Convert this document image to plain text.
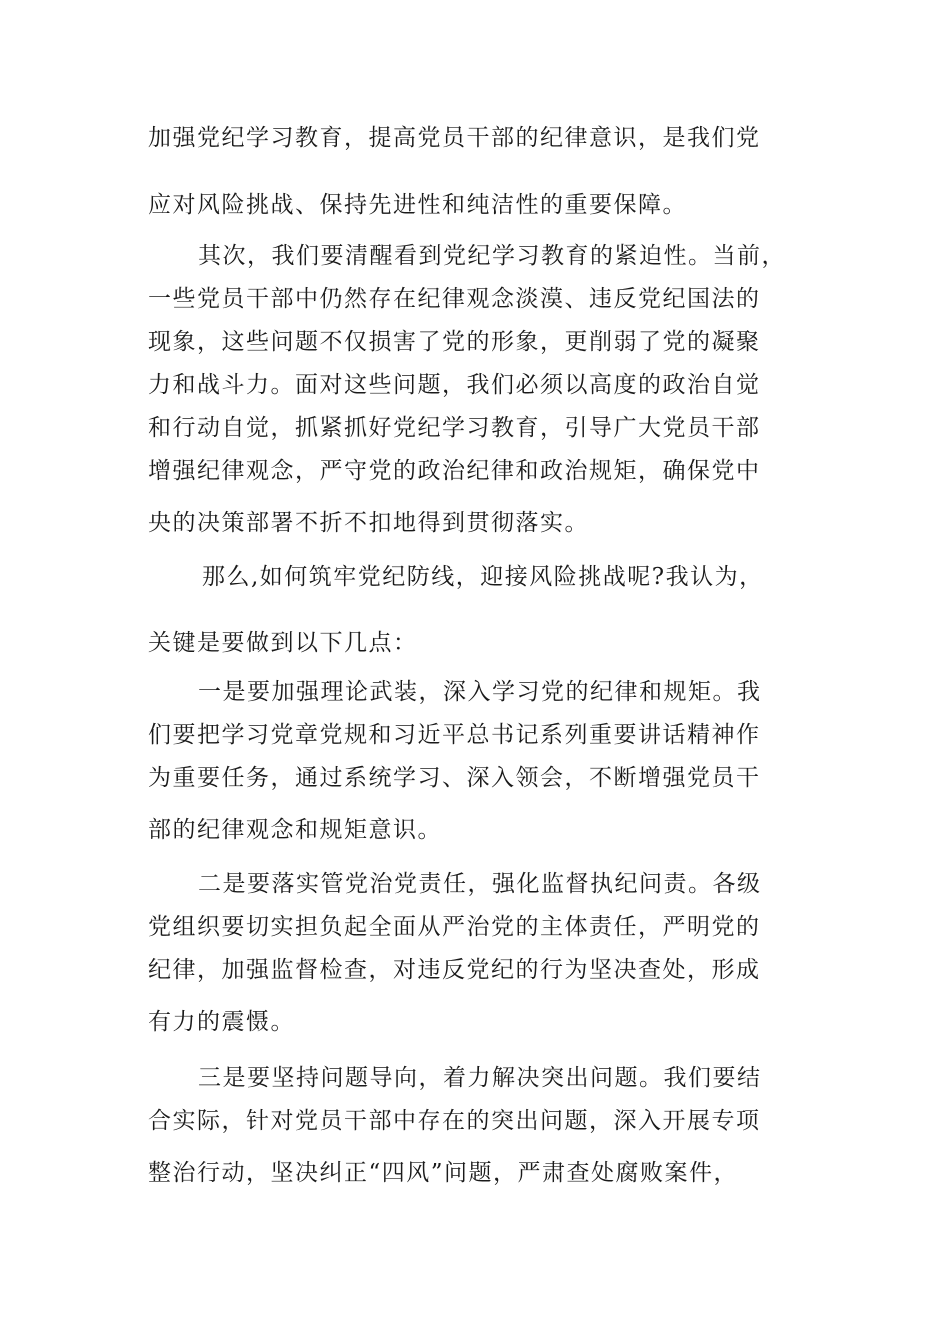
加强党纪学习教育，提高党员干部的纪律意识，是我们党
应对风险挑战、保持先进性和纯洁性的重要保障。
其次，我们要清醒看到党纪学习教育的紧迫性。当前，
一些党员干部中仍然存在纪律观念淡漠、违反党纪国法的
现象，这些问题不仅损害了党的形象，更削弱了党的凝聚
力和战斗力。面对这些问题，我们必须以高度的政治自觉
和行动自觉，抓紧抓好党纪学习教育，引导广大党员干部
增强纪律观念，严守党的政治纪律和政治规矩，确保党中
央的决策部署不折不扣地得到贯彻落实。
那么,如何筑牢党纪防线，迎接风险挑战呢?我认为，
关键是要做到以下几点：
一是要加强理论武装，深入学习党的纪律和规矩。我
们要把学习党章党规和习近平总书记系列重要讲话精神作
为重要任务，通过系统学习、深入领会，不断增强党员干
部的纪律观念和规矩意识。
二是要落实管党治党责任，强化监督执纪问责。各级
党组织要切实担负起全面从严治党的主体责任，严明党的
纪律，加强监督检查，对违反党纪的行为坚决查处，形成
有力的震慑。
三是要坚持问题导向，着力解决突出问题。我们要结
合实际，针对党员干部中存在的突出问题，深入开展专项
整治行动，坚决纠正“四风”问题，严肃查处腐败案件，
